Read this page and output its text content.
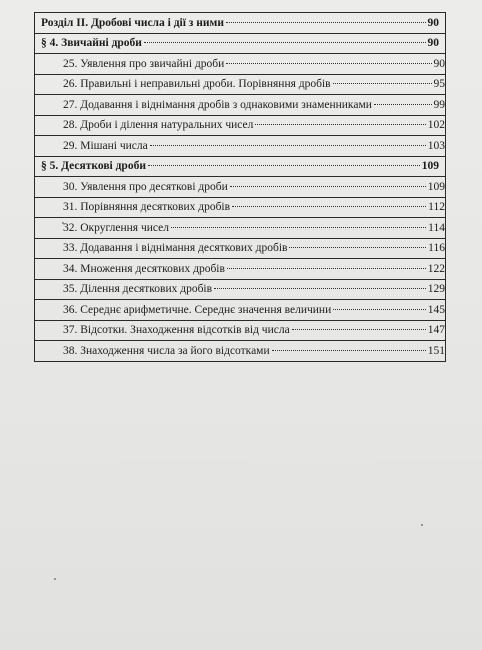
Розділ II. Дробові числа і дії з ними	90

§ 4. Звичайні дроби	90

25. Уявлення про звичайні дроби	90

26. Правильні і неправильні дроби. Порівняння дробів	95

27. Додавання і віднімання дробів з однаковими знаменниками	99

28. Дроби і ділення натуральних чисел	102

29. Мішані числа	103

§ 5. Десяткові дроби	109

30. Уявлення про десяткові дроби	109

31. Порівняння десяткових дробів	112

32. Округлення чисел	114

33. Додавання і віднімання десяткових дробів	116

34. Множення десяткових дробів	122

35. Ділення десяткових дробів	129

36. Середнє арифметичне. Середнє значення величини	145

37. Відсотки. Знаходження відсотків від числа	147

38. Знаходження числа за його відсотками	151
